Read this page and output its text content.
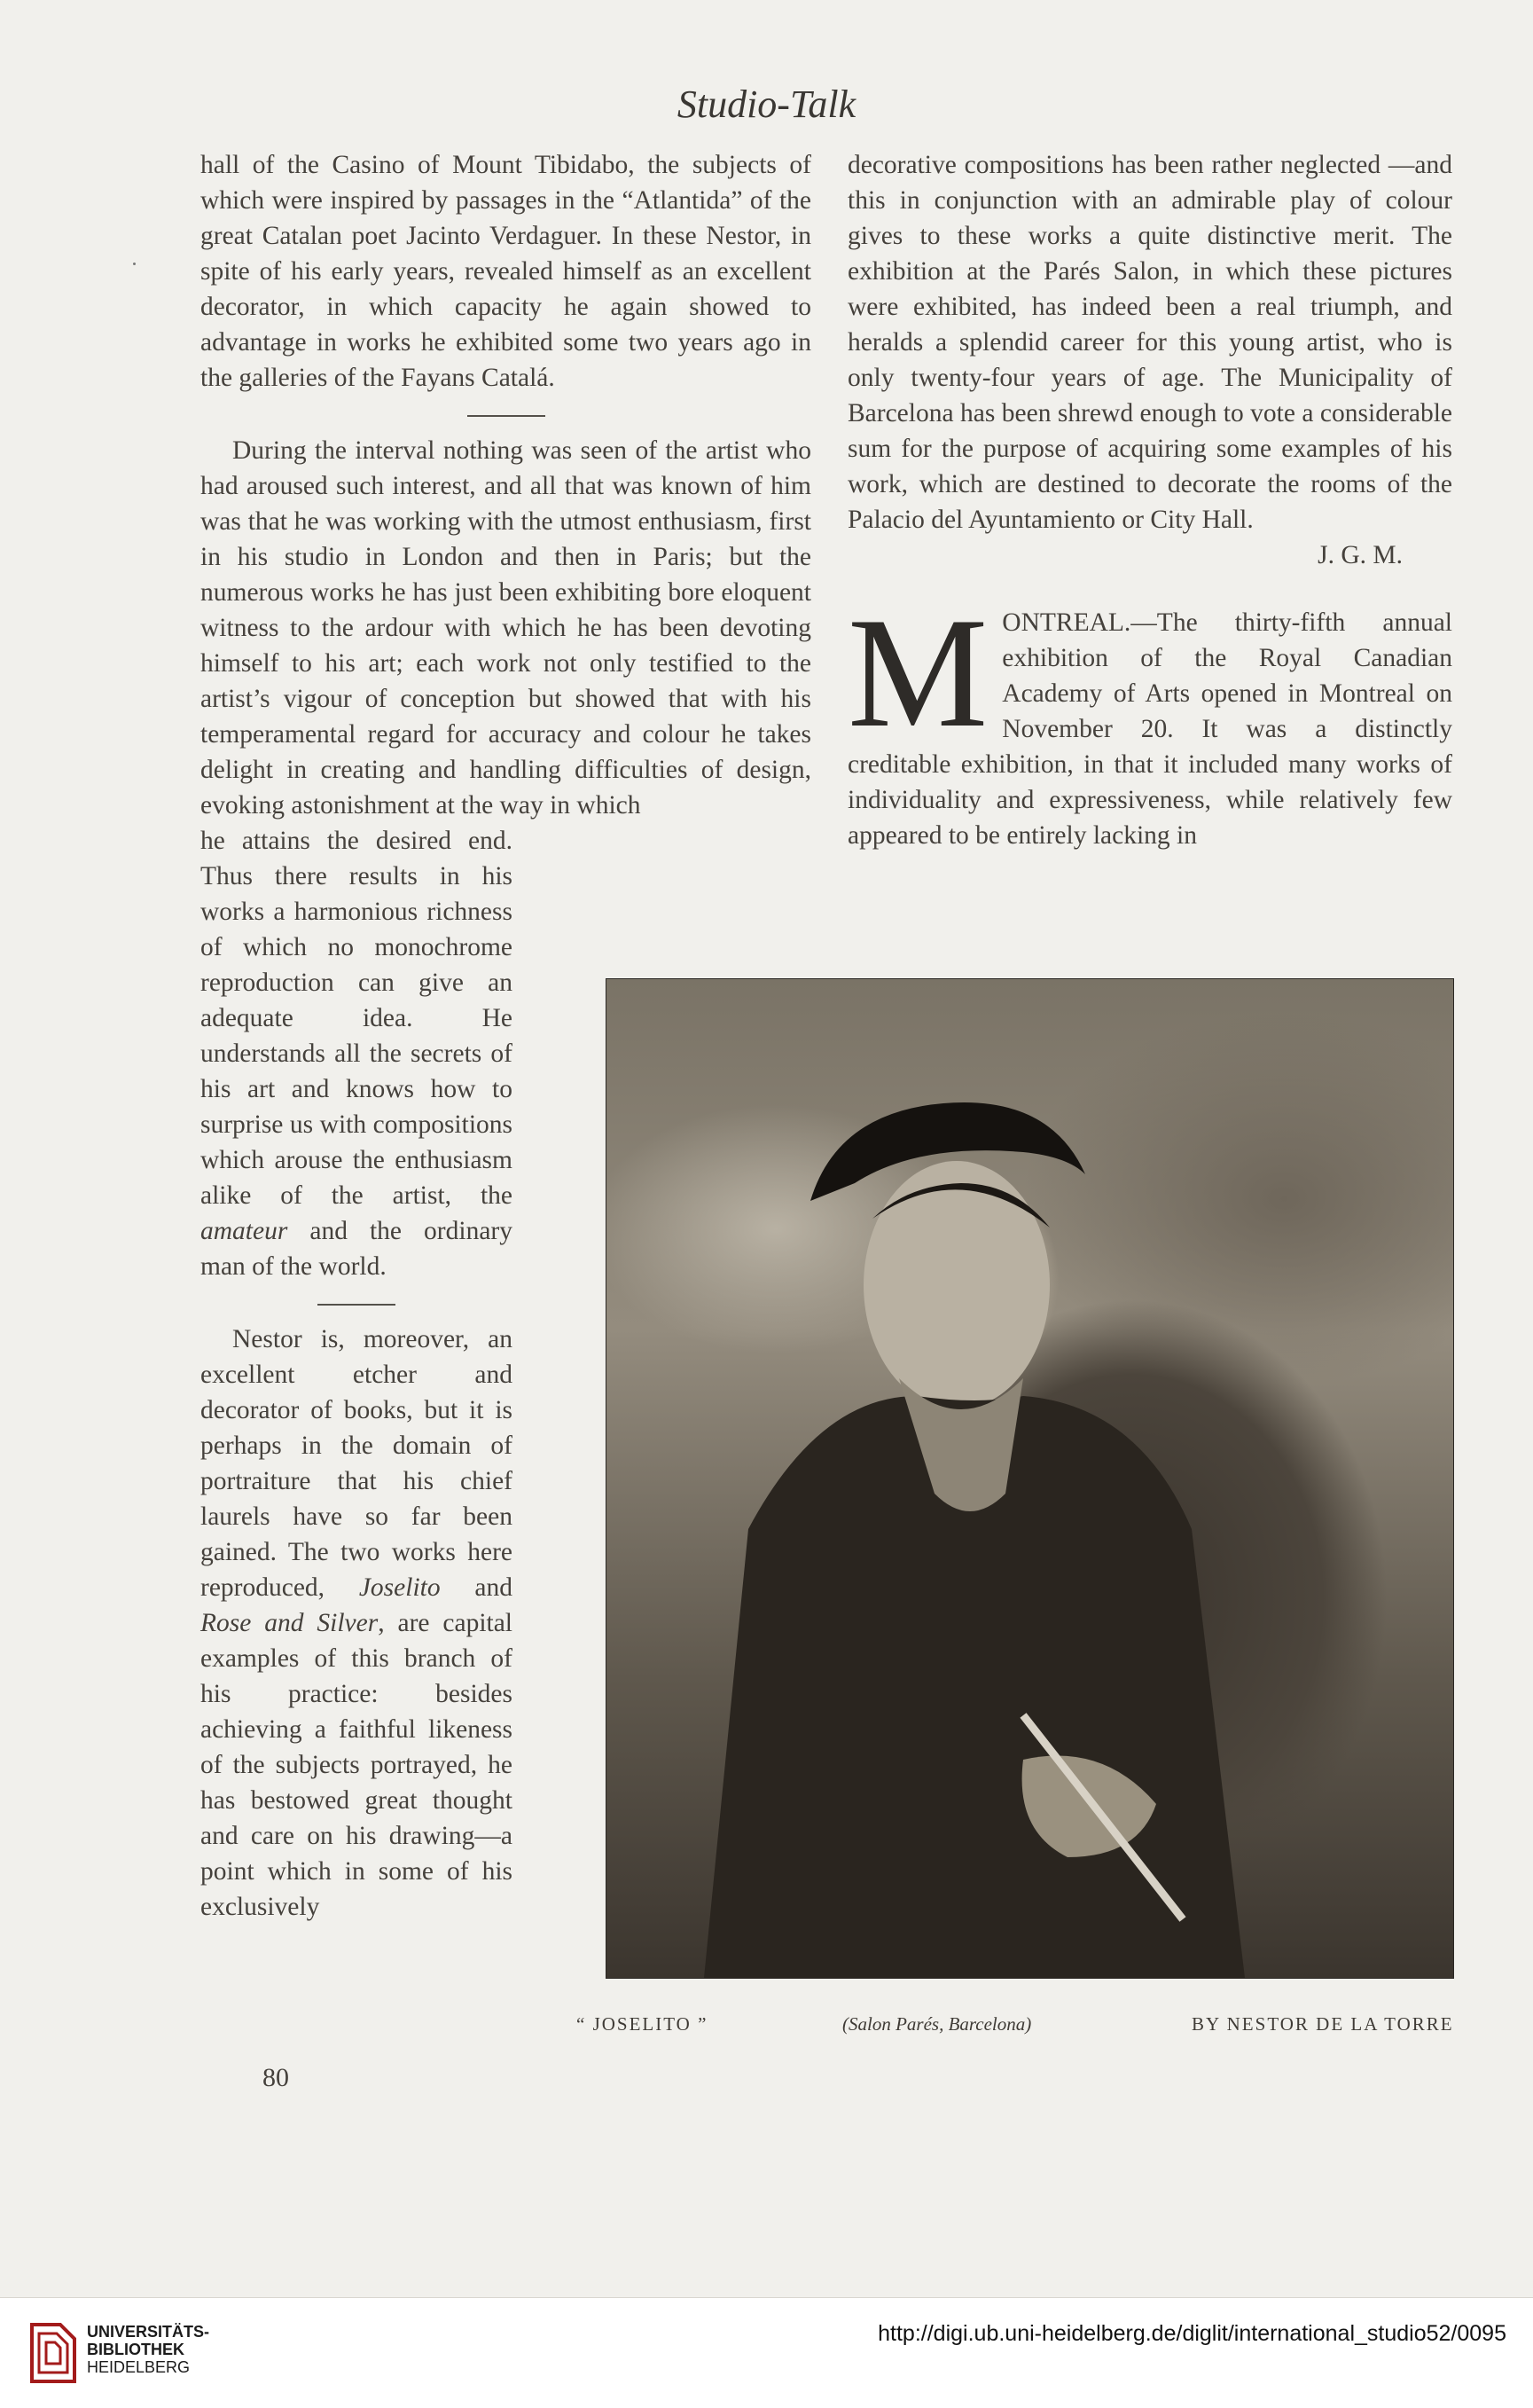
Studio-Talk

hall of the Casino of Mount Tibidabo, the subjects of which were inspired by passages in the “Atlantida” of the great Catalan poet Jacinto Verdaguer. In these Nestor, in spite of his early years, revealed himself as an excellent decorator, in which capacity he again showed to advantage in works he exhibited some two years ago in the galleries of the Fayans Catalá.

During the interval nothing was seen of the artist who had aroused such interest, and all that was known of him was that he was working with the utmost enthusiasm, first in his studio in London and then in Paris; but the numerous works he has just been exhibiting bore eloquent witness to the ardour with which he has been devoting himself to his art; each work not only testified to the artist’s vigour of conception but showed that with his temperamental regard for accuracy and colour he takes delight in creating and handling difficulties of design, evoking astonishment at the way in which

he attains the desired end. Thus there results in his works a harmonious richness of which no monochrome reproduction can give an adequate idea. He understands all the secrets of his art and knows how to surprise us with compositions which arouse the enthusiasm alike of the artist, the amateur and the ordinary man of the world.

Nestor is, moreover, an excellent etcher and decorator of books, but it is perhaps in the domain of portraiture that his chief laurels have so far been gained. The two works here reproduced, Joselito and Rose and Silver, are capital examples of this branch of his practice: besides achieving a faithful likeness of the subjects portrayed, he has bestowed great thought and care on his drawing—a point which in some of his exclusively

decorative compositions has been rather neglected —and this in conjunction with an admirable play of colour gives to these works a quite distinctive merit. The exhibition at the Parés Salon, in which these pictures were exhibited, has indeed been a real triumph, and heralds a splendid career for this young artist, who is only twenty-four years of age. The Municipality of Barcelona has been shrewd enough to vote a considerable sum for the purpose of acquiring some examples of his work, which are destined to decorate the rooms of the Palacio del Ayuntamiento or City Hall.

J. G. M.

M ONTREAL.—The thirty-fifth annual exhibition of the Royal Canadian Academy of Arts opened in Montreal on November 20. It was a distinctly creditable exhibition, in that it included many works of individuality and expressiveness, while relatively few appeared to be entirely lacking in

“ JOSELITO ”	(Salon Parés, Barcelona)	BY NESTOR DE LA TORRE
80
UNIVERSITÄTS-
BIBLIOTHEK
HEIDELBERG
http://digi.ub.uni-heidelberg.de/diglit/international_studio52/0095
